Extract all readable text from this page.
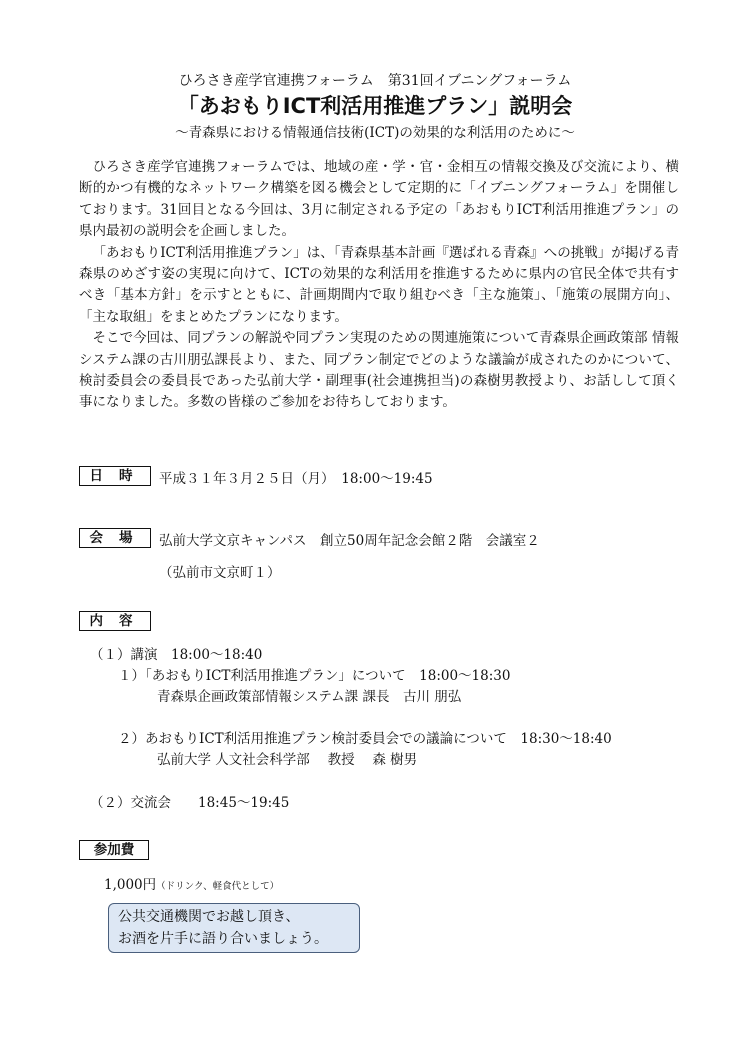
ひろさき産学官連携フォーラム　第31回イブニングフォーラム
「あおもりICT利活用推進プラン」説明会
～青森県における情報通信技術(ICT)の効果的な利活用のために～

ひろさき産学官連携フォーラムでは、地域の産・学・官・金相互の情報交換及び交流により、横断的かつ有機的なネットワーク構築を図る機会として定期的に「イブニングフォーラム」を開催しております。31回目となる今回は、3月に制定される予定の「あおもりICT利活用推進プラン」の県内最初の説明会を企画しました。

「あおもりICT利活用推進プラン」は、「青森県基本計画『選ばれる青森』への挑戦」が掲げる青森県のめざす姿の実現に向けて、ICTの効果的な利活用を推進するために県内の官民全体で共有すべき「基本方針」を示すとともに、計画期間内で取り組むべき「主な施策」、「施策の展開方向」、「主な取組」をまとめたプランになります。

そこで今回は、同プランの解説や同プラン実現のための関連施策について青森県企画政策部 情報システム課の古川朋弘課長より、また、同プラン制定でどのような議論が成されたのかについて、検討委員会の委員長であった弘前大学・副理事(社会連携担当)の森樹男教授より、お話しして頂く事になりました。多数の皆様のご参加をお待ちしております。

日時 平成３１年３月２５日（月）　18:00～19:45
会場 弘前大学文京キャンパス　創立50周年記念会館２階　会議室２
（弘前市文京町１）
内容
（１）講演　18:00～18:40
１）「あおもりICT利活用推進プラン」について　18:00～18:30
青森県企画政策部情報システム課 課長　古川 朋弘
２）あおもりICT利活用推進プラン検討委員会での議論について　18:30～18:40
弘前大学 人文社会科学部　 教授　 森 樹男
（２）交流会　　18:45～19:45
参加費
1,000円（ドリンク、軽食代として）
公共交通機関でお越し頂き、
お酒を片手に語り合いましょう。
